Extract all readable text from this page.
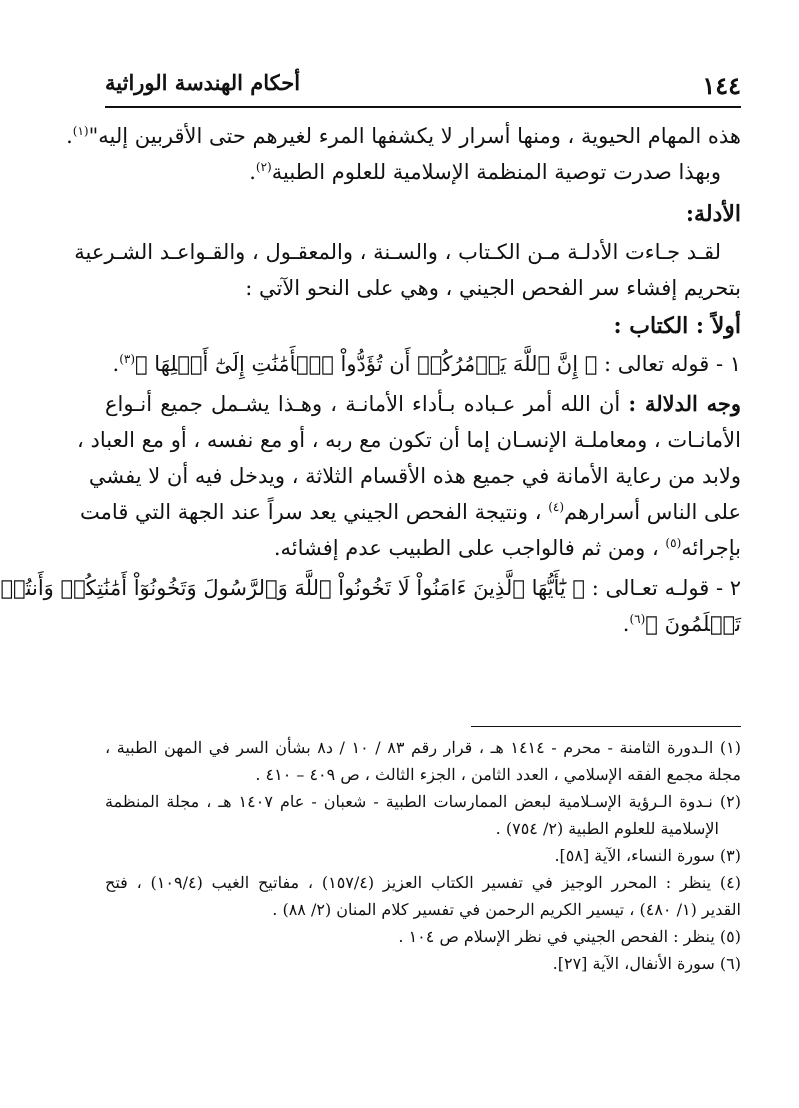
١٤٤
أحكام الهندسة الوراثية
هذه المهام الحيوية ، ومنها أسرار لا يكشفها المرء لغيرهم حتى الأقربين إليه"$^{(١)}$.
وبهذا صدرت توصية المنظمة الإسلامية للعلوم الطبية$^{(٢)}$.
الأدلة:
لقـد جـاءت الأدلـة مـن الكـتاب ، والسـنة ، والمعقـول ، والقـواعـد الشـرعية
بتحريم إفشاء سر الفحص الجيني ، وهي على النحو الآتي :
أولاً : الكتاب :
١ - قوله تعالى : ﴿ إِنَّ ٱللَّهَ يَأۡمُرُكُمۡ أَن تُؤَدُّواْ ٱلۡأَمَٰنَٰتِ إِلَىٰٓ أَهۡلِهَا ﴾$^{(٣)}$.
وجه الدلالة : أن الله أمر عـباده بـأداء الأمانـة ، وهـذا يشـمل جميع أنـواع
الأمانـات ، ومعاملـة الإنسـان إما أن تكون مع ربه ، أو مع نفسه ، أو مع العباد ،
ولابد من رعاية الأمانة في جميع هذه الأقسام الثلاثة ، ويدخل فيه أن لا يفشي
على الناس أسرارهم$^{(٤)}$ ، ونتيجة الفحص الجيني يعد سراً عند الجهة التي قامت
بإجرائه$^{(٥)}$ ، ومن ثم فالواجب على الطبيب عدم إفشائه.
٢ - قولـه تعـالى : ﴿ يَٰٓأَيُّهَا ٱلَّذِينَ ءَامَنُواْ لَا تَخُونُواْ ٱللَّهَ وَٱلرَّسُولَ وَتَخُونُوٓاْ أَمَٰنَٰتِكُمۡ وَأَنتُمۡ
تَعۡلَمُونَ ﴾$^{(٦)}$.
(١) الـدورة الثامنة - محرم - ١٤١٤ هـ ، قرار رقم ٨٣ / ١٠ / د٨ بشأن السر في المهن الطبية ،
مجلة مجمع الفقه الإسلامي ، العدد الثامن ، الجزء الثالث ، ص ٤٠٩ – ٤١٠ .
(٢) نـدوة الـرؤية الإسـلامية لبعض الممارسات الطبية - شعبان - عام ١٤٠٧ هـ ، مجلة المنظمة
الإسلامية للعلوم الطبية (٢/ ٧٥٤) .
(٣) سورة النساء، الآية [٥٨].
(٤) ينظر : المحرر الوجيز في تفسير الكتاب العزيز (١٥٧/٤) ، مفاتيح الغيب (١٠٩/٤) ، فتح
القدير (١/ ٤٨٠) ، تيسير الكريم الرحمن في تفسير كلام المنان (٢/ ٨٨) .
(٥) ينظر : الفحص الجيني في نظر الإسلام ص ١٠٤ .
(٦) سورة الأنفال، الآية [٢٧].
